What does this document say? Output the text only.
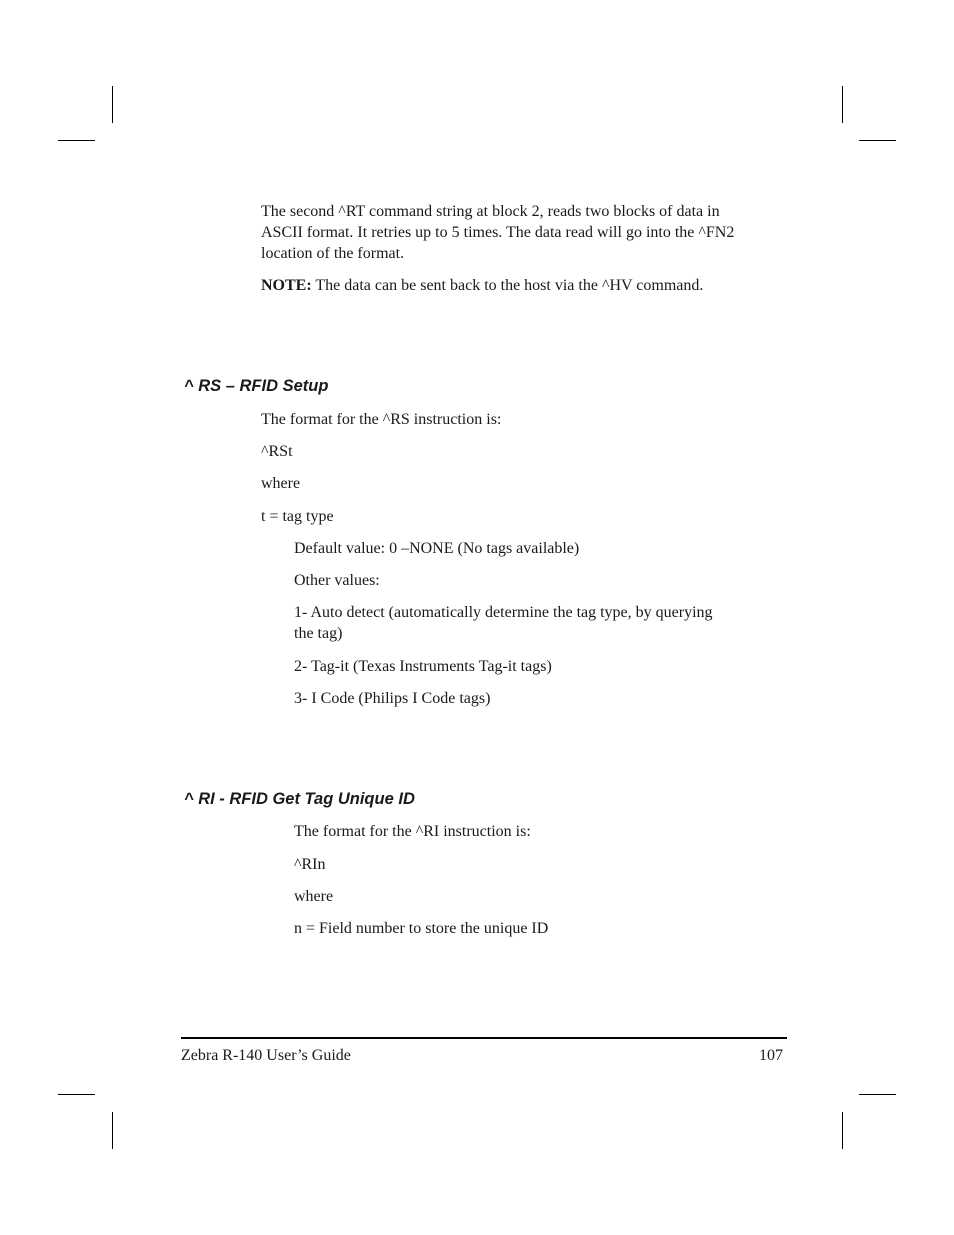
The second ^RT command string at block 2, reads two blocks of data in

ASCII format. It retries up to 5 times. The data read will go into the ^FN2

location of the format.

NOTE: The data can be sent back to the host via the ^HV command.

^ RS – RFID Setup

The format for the ^RS instruction is:

^RSt

where

t = tag type

Default value: 0 –NONE (No tags available)

Other values:

1- Auto detect (automatically determine the tag type, by querying

the tag)

2- Tag-it (Texas Instruments Tag-it tags)

3- I Code (Philips I Code tags)

^ RI - RFID Get Tag Unique ID

The format for the ^RI instruction is:

^RIn

where

n = Field number to store the unique ID

Zebra R-140 User’s Guide	107
